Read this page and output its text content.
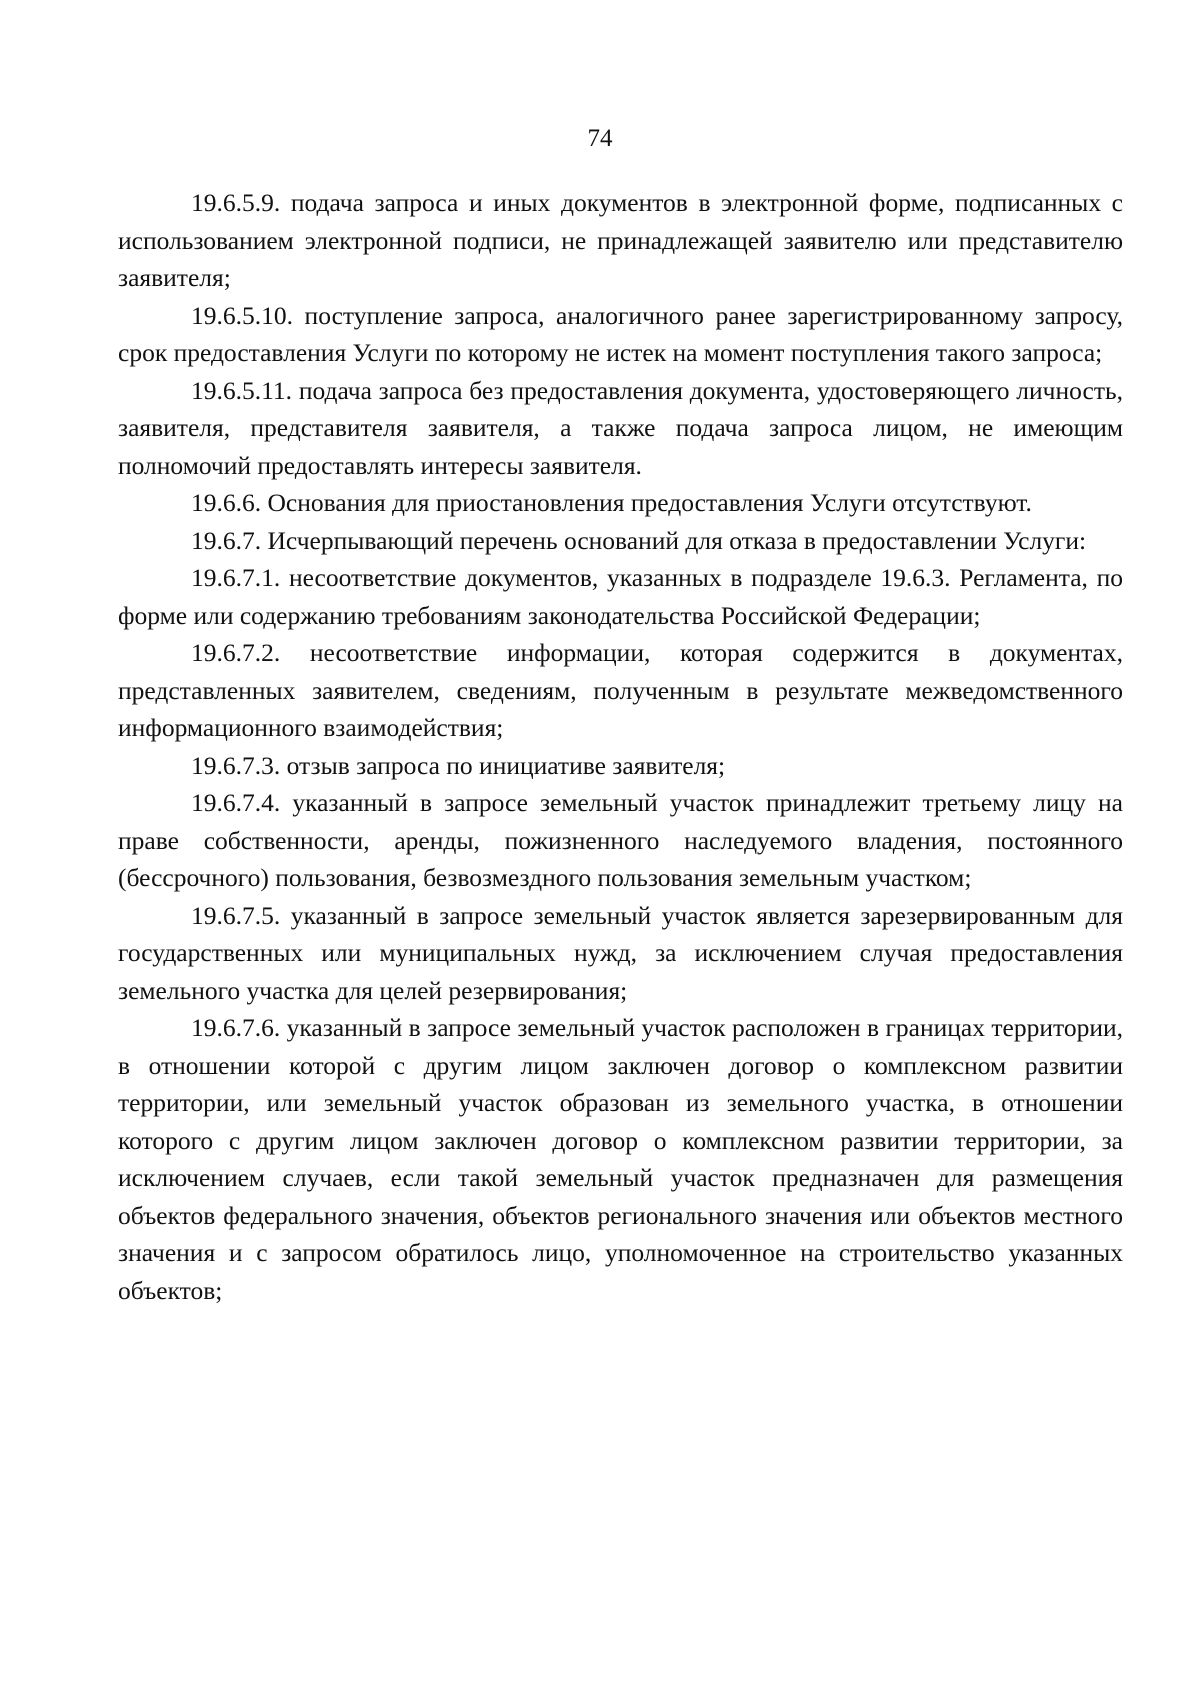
74

19.6.5.9. подача запроса и иных документов в электронной форме, подписанных с использованием электронной подписи, не принадлежащей заявителю или представителю заявителя;

19.6.5.10. поступление запроса, аналогичного ранее зарегистрированному запросу, срок предоставления Услуги по которому не истек на момент поступления такого запроса;

19.6.5.11. подача запроса без предоставления документа, удостоверяющего личность, заявителя, представителя заявителя, а также подача запроса лицом, не имеющим полномочий предоставлять интересы заявителя.

19.6.6. Основания для приостановления предоставления Услуги отсутствуют.

19.6.7. Исчерпывающий перечень оснований для отказа в предоставлении Услуги:

19.6.7.1. несоответствие документов, указанных в подразделе 19.6.3. Регламента, по форме или содержанию требованиям законодательства Российской Федерации;

19.6.7.2. несоответствие информации, которая содержится в документах, представленных заявителем, сведениям, полученным в результате межведомственного информационного взаимодействия;

19.6.7.3. отзыв запроса по инициативе заявителя;

19.6.7.4. указанный в запросе земельный участок принадлежит третьему лицу на праве собственности, аренды, пожизненного наследуемого владения, постоянного (бессрочного) пользования, безвозмездного пользования земельным участком;

19.6.7.5. указанный в запросе земельный участок является зарезервированным для государственных или муниципальных нужд, за исключением случая предоставления земельного участка для целей резервирования;

19.6.7.6. указанный в запросе земельный участок расположен в границах территории, в отношении которой с другим лицом заключен договор о комплексном развитии территории, или земельный участок образован из земельного участка, в отношении которого с другим лицом заключен договор о комплексном развитии территории, за исключением случаев, если такой земельный участок предназначен для размещения объектов федерального значения, объектов регионального значения или объектов местного значения и с запросом обратилось лицо, уполномоченное на строительство указанных объектов;
